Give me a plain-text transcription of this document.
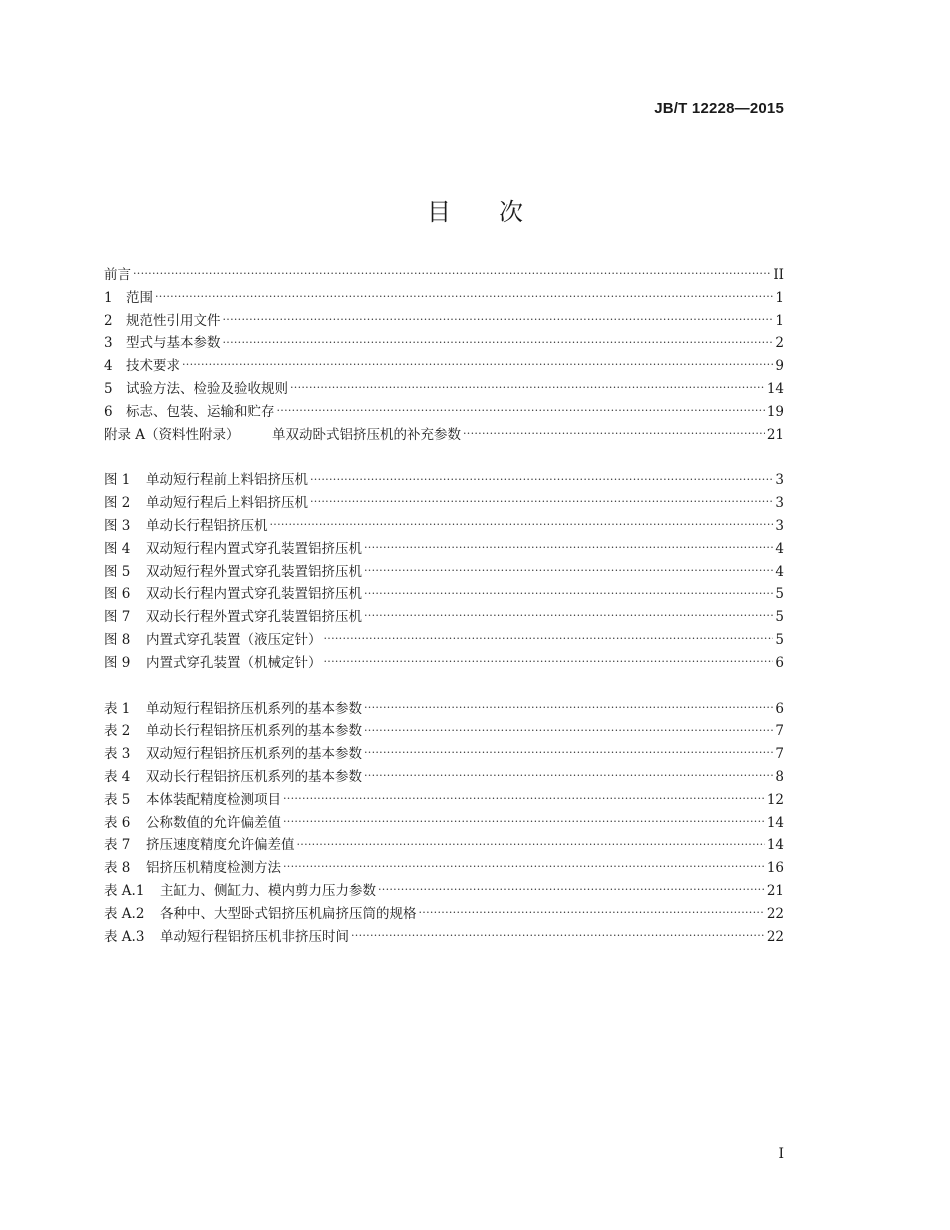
JB/T 12228—2015
目　　次
前言 .....	II
1 范围 .....	1
2 规范性引用文件 .....	1
3 型式与基本参数 .....	2
4 技术要求 .....	9
5 试验方法、检验及验收规则 .....	14
6 标志、包装、运输和贮存 .....	19
附录 A（资料性附录）	单双动卧式铝挤压机的补充参数 .....	21
图 1	单动短行程前上料铝挤压机 .....	3
图 2	单动短行程后上料铝挤压机 .....	3
图 3	单动长行程铝挤压机 .....	3
图 4	双动短行程内置式穿孔装置铝挤压机 .....	4
图 5	双动短行程外置式穿孔装置铝挤压机 .....	4
图 6	双动长行程内置式穿孔装置铝挤压机 .....	5
图 7	双动长行程外置式穿孔装置铝挤压机 .....	5
图 8	内置式穿孔装置（液压定针） .....	5
图 9	内置式穿孔装置（机械定针） .....	6
表 1	单动短行程铝挤压机系列的基本参数 .....	6
表 2	单动长行程铝挤压机系列的基本参数 .....	7
表 3	双动短行程铝挤压机系列的基本参数 .....	7
表 4	双动长行程铝挤压机系列的基本参数 .....	8
表 5	本体装配精度检测项目 .....	12
表 6	公称数值的允许偏差值 .....	14
表 7	挤压速度精度允许偏差值 .....	14
表 8	铝挤压机精度检测方法 .....	16
表 A.1	主缸力、侧缸力、模内剪力压力参数 .....	21
表 A.2	各种中、大型卧式铝挤压机扁挤压筒的规格 .....	22
表 A.3	单动短行程铝挤压机非挤压时间 .....	22
I
